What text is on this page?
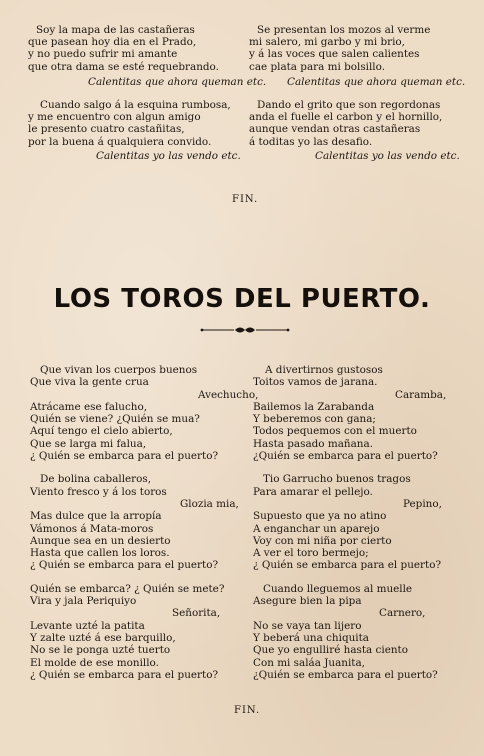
Soy la mapa de las castañeras
que pasean hoy dia en el Prado,
y no puedo sufrir mi amante
que otra dama se esté requebrando.
Calentitas que ahora queman etc.
Cuando salgo á la esquina rumbosa,
y me encuentro con algun amigo
le presento cuatro castañitas,
por la buena á qualquiera convido.
Calentitas yo las vendo etc.
Se presentan los mozos al verme
mi salero, mi garbo y mi brio,
y á las voces que salen calientes
cae plata para mi bolsillo.
Calentitas que ahora queman etc.
Dando el grito que son regordonas
anda el fuelle el carbon y el hornillo,
aunque vendan otras castañeras
á toditas yo las desafio.
Calentitas yo las vendo etc.
FIN.
LOS TOROS DEL PUERTO.
Que vivan los cuerpos buenos
Que viva la gente crua
Avechucho,
Atrácame ese falucho,
Quién se viene? ¿Quién se mua?
Aquí tengo el cielo abierto,
Que se larga mi falua,
¿ Quién se embarca para el puerto?
De bolina caballeros,
Viento fresco y á los toros
Glozia mia,
Mas dulce que la arropía
Vámonos á Mata-moros
Aunque sea en un desierto
Hasta que callen los loros.
¿ Quién se embarca para el puerto?
Quién se embarca? ¿ Quién se mete?
Vira y jala Periquiyo
Señorita,
Levante uzté la patita
Y zalte uzté á ese barquillo,
No se le ponga uzté tuerto
El molde de ese monillo.
¿ Quién se embarca para el puerto?
A divertirnos gustosos
Toitos vamos de jarana.
Caramba,
Bailemos la Zarabanda
Y beberemos con gana;
Todos pequemos con el muerto
Hasta pasado mañana.
¿Quién se embarca para el puerto?
Tio Garrucho buenos tragos
Para amarar el pellejo.
Pepino,
Supuesto que ya no atino
A enganchar un aparejo
Voy con mi niña por cierto
A ver el toro bermejo;
¿ Quién se embarca para el puerto?
Cuando lleguemos al muelle
Asegure bien la pipa
Carnero,
No se vaya tan lijero
Y beberá una chiquita
Que yo engulliré hasta ciento
Con mi saláa Juanita,
¿Quién se embarca para el puerto?
FIN.
